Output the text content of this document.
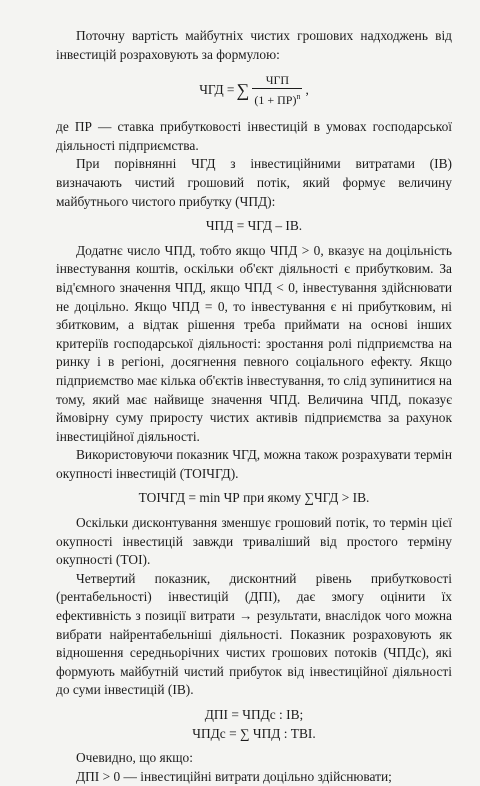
Поточну вартість майбутніх чистих грошових надходжень від інвестицій розраховують за формулою:

ЧГД = ∑ $\frac{\text{ЧГП}}{(1 + ПР)^n}$ ,

де ПР — ставка прибутковості інвестицій в умовах господарської діяльності підприємства.

При порівнянні ЧГД з інвестиційними витратами (ІВ) визначають чистий грошовий потік, який формує величину майбутнього чистого прибутку (ЧПД):

ЧПД = ЧГД – ІВ.

Додатнє число ЧПД, тобто якщо ЧПД > 0, вказує на доцільність інвестування коштів, оскільки об'єкт діяльності є прибутковим. За від'ємного значення ЧПД, якщо ЧПД < 0, інвестування здійснювати не доцільно. Якщо ЧПД = 0, то інвестування є ні прибутковим, ні збитковим, а відтак рішення треба приймати на основі інших критеріїв господарської діяльності: зростання ролі підприємства на ринку і в регіоні, досягнення певного соціального ефекту. Якщо підприємство має кілька об'єктів інвестування, то слід зупинитися на тому, який має найвище значення ЧПД. Величина ЧПД, показує ймовірну суму приросту чистих активів підприємства за рахунок інвестиційної діяльності.

Використовуючи показник ЧГД, можна також розрахувати термін окупності інвестицій (ТОІЧГД).

ТОІЧГД = min ЧР при якому ∑ЧГД > ІВ.

Оскільки дисконтування зменшує грошовий потік, то термін цієї окупності інвестицій завжди триваліший від простого терміну окупності (ТОІ).

Четвертий показник, дисконтний рівень прибутковості (рентабельності) інвестицій (ДПІ), дає змогу оцінити їх ефективність з позиції витрати → результати, внаслідок чого можна вибрати найрентабельніші діяльності. Показник розраховують як відношення середньорічних чистих грошових потоків (ЧПДс), які формують майбутній чистий прибуток від інвестиційної діяльності до суми інвестицій (ІВ).

ДПІ = ЧПДс : ІВ;
ЧПДс = ∑ ЧПД : ТВІ.

Очевидно, що якщо:

ДПІ > 0 — інвестиційні витрати доцільно здійснювати;
